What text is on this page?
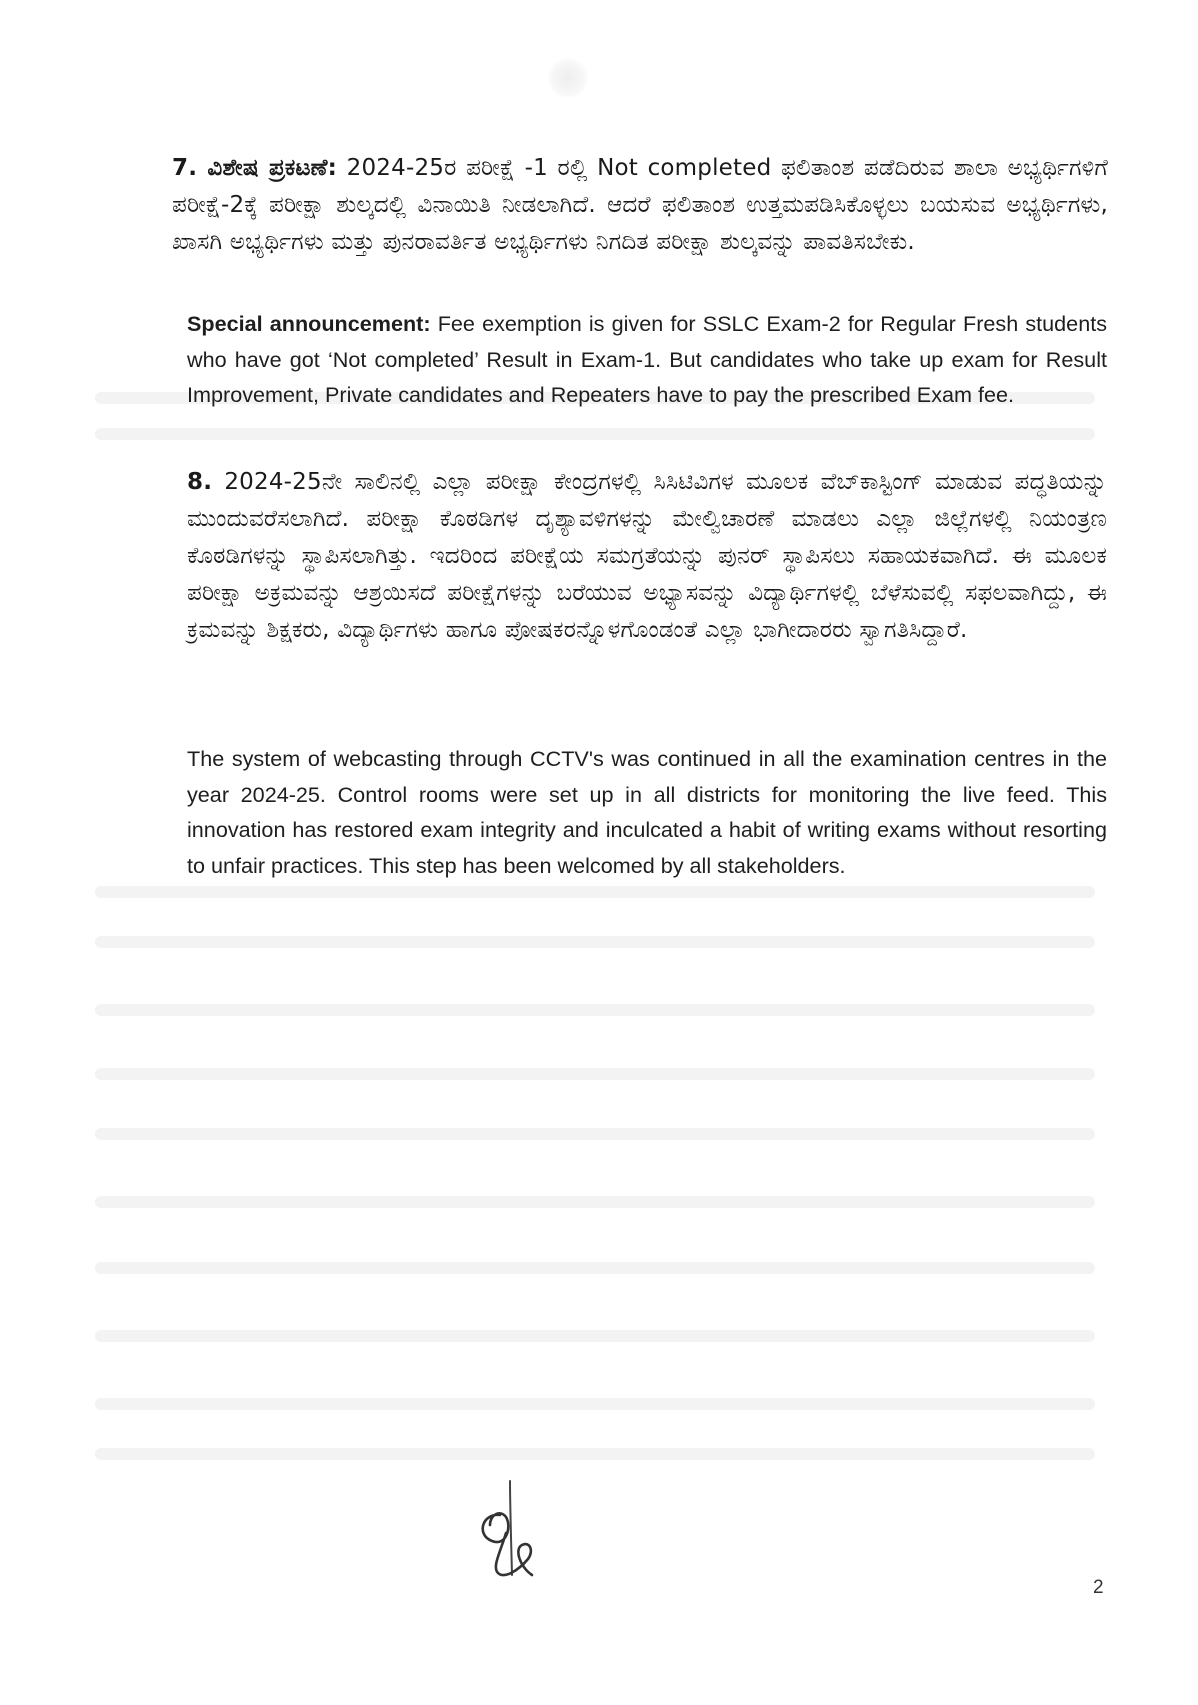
7. ವಿಶೇಷ ಪ್ರಕಟಣೆ: 2024-25ರ ಪರೀಕ್ಷೆ -1 ರಲ್ಲಿ Not completed ಫಲಿತಾಂಶ ಪಡೆದಿರುವ ಶಾಲಾ ಅಭ್ಯರ್ಥಿಗಳಿಗೆ ಪರೀಕ್ಷೆ-2ಕ್ಕೆ ಪರೀಕ್ಷಾ ಶುಲ್ಕದಲ್ಲಿ ವಿನಾಯಿತಿ ನೀಡಲಾಗಿದೆ. ಆದರೆ ಫಲಿತಾಂಶ ಉತ್ತಮಪಡಿಸಿಕೊಳ್ಳಲು ಬಯಸುವ ಅಭ್ಯರ್ಥಿಗಳು, ಖಾಸಗಿ ಅಭ್ಯರ್ಥಿಗಳು ಮತ್ತು ಪುನರಾವರ್ತಿತ ಅಭ್ಯರ್ಥಿಗಳು ನಿಗದಿತ ಪರೀಕ್ಷಾ ಶುಲ್ಕವನ್ನು ಪಾವತಿಸಬೇಕು.

Special announcement: Fee exemption is given for SSLC Exam-2 for Regular Fresh students who have got ‘Not completed’ Result in Exam-1. But candidates who take up exam for Result Improvement, Private candidates and Repeaters have to pay the prescribed Exam fee.

8. 2024-25ನೇ ಸಾಲಿನಲ್ಲಿ ಎಲ್ಲಾ ಪರೀಕ್ಷಾ ಕೇಂದ್ರಗಳಲ್ಲಿ ಸಿಸಿಟಿವಿಗಳ ಮೂಲಕ ವೆಬ್‌ಕಾಸ್ಟಿಂಗ್ ಮಾಡುವ ಪದ್ಧತಿಯನ್ನು ಮುಂದುವರೆಸಲಾಗಿದೆ. ಪರೀಕ್ಷಾ ಕೊಠಡಿಗಳ ದೃಶ್ಯಾವಳಿಗಳನ್ನು ಮೇಲ್ವಿಚಾರಣೆ ಮಾಡಲು ಎಲ್ಲಾ ಜಿಲ್ಲೆಗಳಲ್ಲಿ ನಿಯಂತ್ರಣ ಕೊಠಡಿಗಳನ್ನು ಸ್ಥಾಪಿಸಲಾಗಿತ್ತು. ಇದರಿಂದ ಪರೀಕ್ಷೆಯ ಸಮಗ್ರತೆಯನ್ನು ಪುನರ್ ಸ್ಥಾಪಿಸಲು ಸಹಾಯಕವಾಗಿದೆ. ಈ ಮೂಲಕ ಪರೀಕ್ಷಾ ಅಕ್ರಮವನ್ನು ಆಶ್ರಯಿಸದೆ ಪರೀಕ್ಷೆಗಳನ್ನು ಬರೆಯುವ ಅಭ್ಯಾಸವನ್ನು ವಿದ್ಯಾರ್ಥಿಗಳಲ್ಲಿ ಬೆಳೆಸುವಲ್ಲಿ ಸಫಲವಾಗಿದ್ದು, ಈ ಕ್ರಮವನ್ನು ಶಿಕ್ಷಕರು, ವಿದ್ಯಾರ್ಥಿಗಳು ಹಾಗೂ ಪೋಷಕರನ್ನೊಳಗೊಂಡಂತೆ ಎಲ್ಲಾ ಭಾಗೀದಾರರು ಸ್ವಾಗತಿಸಿದ್ದಾರೆ.

The system of webcasting through CCTV's was continued in all the examination centres in the year 2024-25. Control rooms were set up in all districts for monitoring the live feed. This innovation has restored exam integrity and inculcated a habit of writing exams without resorting to unfair practices. This step has been welcomed by all stakeholders.

2
